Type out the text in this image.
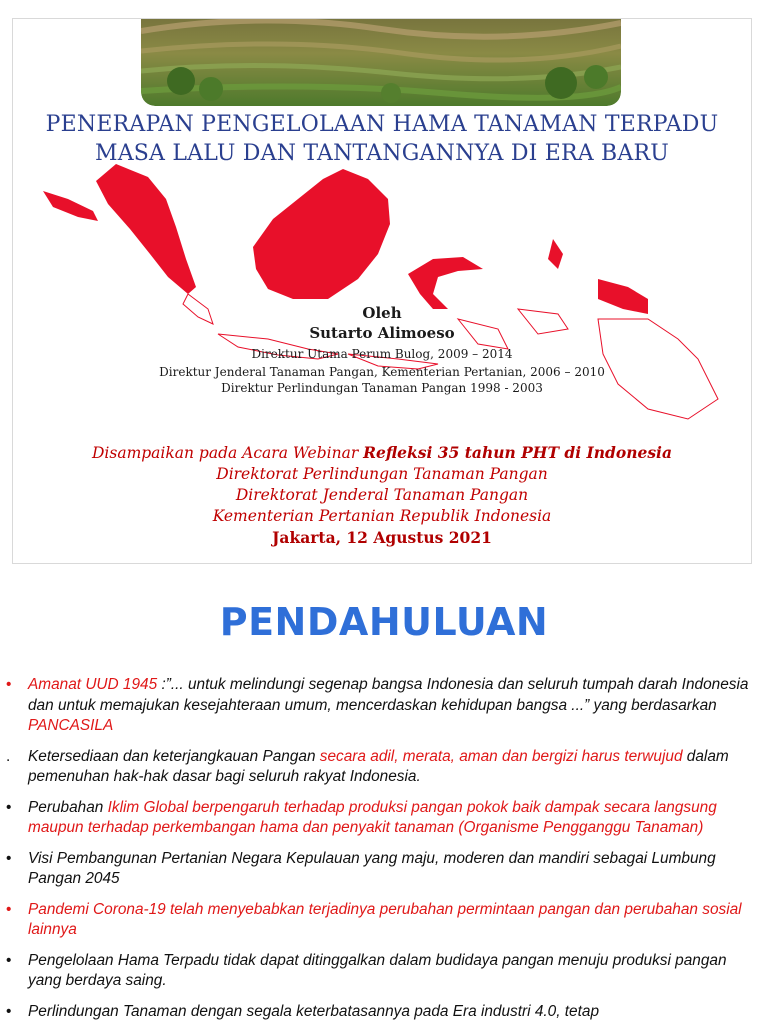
PENERAPAN PENGELOLAAN HAMA TANAMAN TERPADU
MASA LALU DAN TANTANGANNYA DI ERA BARU
Oleh
Sutarto Alimoeso
Direktur Utama Perum Bulog, 2009 – 2014
Direktur Jenderal Tanaman Pangan, Kementerian Pertanian, 2006 – 2010
Direktur Perlindungan Tanaman Pangan 1998 - 2003
Disampaikan pada Acara Webinar Refleksi 35 tahun PHT di Indonesia
Direktorat Perlindungan Tanaman Pangan
Direktorat Jenderal Tanaman Pangan
Kementerian Pertanian Republik Indonesia
Jakarta, 12 Agustus 2021
PENDAHULUAN
• Amanat UUD 1945 :”... untuk melindungi segenap bangsa Indonesia dan seluruh tumpah darah Indonesia dan untuk memajukan kesejahteraan umum, mencerdaskan kehidupan bangsa ...” yang berdasarkan PANCASILA
. Ketersediaan dan keterjangkauan Pangan secara adil, merata, aman dan bergizi harus terwujud dalam pemenuhan hak-hak dasar bagi seluruh rakyat Indonesia.
• Perubahan Iklim Global berpengaruh terhadap produksi pangan pokok baik dampak secara langsung maupun terhadap perkembangan hama dan penyakit tanaman (Organisme Pengganggu Tanaman)
• Visi Pembangunan Pertanian Negara Kepulauan yang maju, moderen dan mandiri sebagai Lumbung Pangan 2045
• Pandemi Corona-19 telah menyebabkan terjadinya perubahan permintaan pangan dan perubahan sosial lainnya
• Pengelolaan Hama Terpadu tidak dapat ditinggalkan dalam budidaya pangan menuju produksi pangan yang berdaya saing.
• Perlindungan Tanaman dengan segala keterbatasannya pada Era industri 4.0, tetap
